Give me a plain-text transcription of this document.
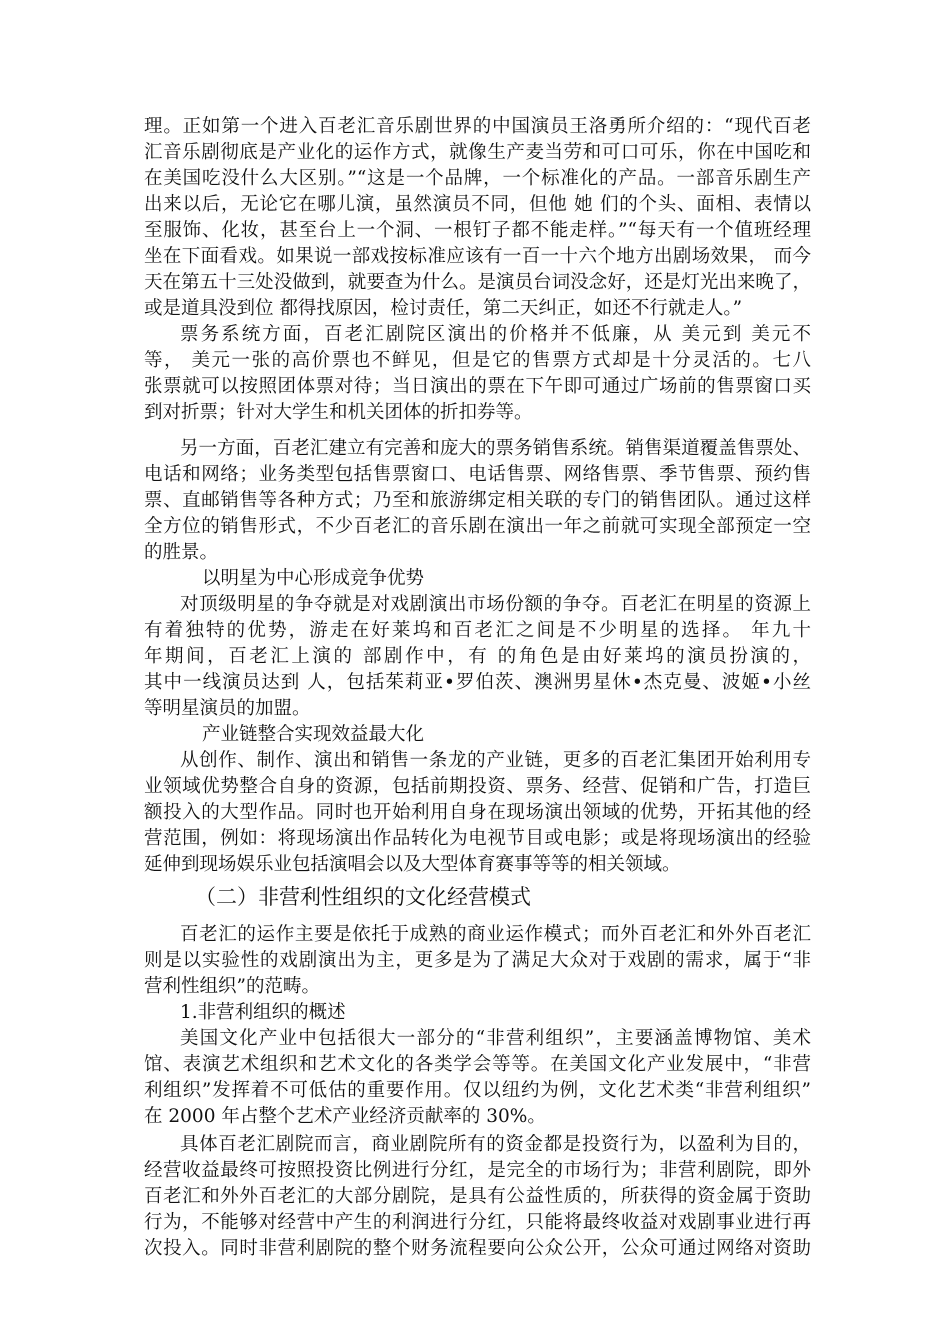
理。正如第一个进入百老汇音乐剧世界的中国演员王洛勇所介绍的：“现代百老
汇音乐剧彻底是产业化的运作方式，就像生产麦当劳和可口可乐，你在中国吃和
在美国吃没什么大区别。”“这是一个品牌，一个标准化的产品。一部音乐剧生产
出来以后，无论它在哪儿演，虽然演员不同，但他 她 们的个头、面相、表情以
至服饰、化妆，甚至台上一个洞、一根钉子都不能走样。”“每天有一个值班经理
坐在下面看戏。如果说一部戏按标准应该有一百一十六个地方出剧场效果， 而今
天在第五十三处没做到，就要查为什么。是演员台词没念好，还是灯光出来晚了，
或是道具没到位 都得找原因，检讨责任，第二天纠正，如还不行就走人。”
票务系统方面，百老汇剧院区演出的价格并不低廉，从 美元到 美元不
等， 美元一张的高价票也不鲜见，但是它的售票方式却是十分灵活的。七八
张票就可以按照团体票对待；当日演出的票在下午即可通过广场前的售票窗口买
到对折票；针对大学生和机关团体的折扣券等。
另一方面，百老汇建立有完善和庞大的票务销售系统。销售渠道覆盖售票处、
电话和网络；业务类型包括售票窗口、电话售票、网络售票、季节售票、预约售
票、直邮销售等各种方式；乃至和旅游绑定相关联的专门的销售团队。通过这样
全方位的销售形式，不少百老汇的音乐剧在演出一年之前就可实现全部预定一空
的胜景。
以明星为中心形成竞争优势
对顶级明星的争夺就是对戏剧演出市场份额的争夺。百老汇在明星的资源上
有着独特的优势，游走在好莱坞和百老汇之间是不少明星的选择。 年九十
年期间，百老汇上演的 部剧作中，有 的角色是由好莱坞的演员扮演的，
其中一线演员达到 人，包括茱莉亚•罗伯茨、澳洲男星休•杰克曼、波姬•小丝
等明星演员的加盟。
产业链整合实现效益最大化
从创作、制作、演出和销售一条龙的产业链，更多的百老汇集团开始利用专
业领域优势整合自身的资源，包括前期投资、票务、经营、促销和广告，打造巨
额投入的大型作品。同时也开始利用自身在现场演出领域的优势，开拓其他的经
营范围，例如：将现场演出作品转化为电视节目或电影；或是将现场演出的经验
延伸到现场娱乐业包括演唱会以及大型体育赛事等等的相关领域。
（二）非营利性组织的文化经营模式
百老汇的运作主要是依托于成熟的商业运作模式；而外百老汇和外外百老汇
则是以实验性的戏剧演出为主，更多是为了满足大众对于戏剧的需求，属于“非
营利性组织”的范畴。
1.非营利组织的概述
美国文化产业中包括很大一部分的“非营利组织”，主要涵盖博物馆、美术
馆、表演艺术组织和艺术文化的各类学会等等。在美国文化产业发展中，“非营
利组织”发挥着不可低估的重要作用。仅以纽约为例，文化艺术类“非营利组织”
在 2000 年占整个艺术产业经济贡献率的 30%。
具体百老汇剧院而言，商业剧院所有的资金都是投资行为，以盈利为目的，
经营收益最终可按照投资比例进行分红，是完全的市场行为；非营利剧院，即外
百老汇和外外百老汇的大部分剧院，是具有公益性质的，所获得的资金属于资助
行为，不能够对经营中产生的利润进行分红，只能将最终收益对戏剧事业进行再
次投入。同时非营利剧院的整个财务流程要向公众公开，公众可通过网络对资助
